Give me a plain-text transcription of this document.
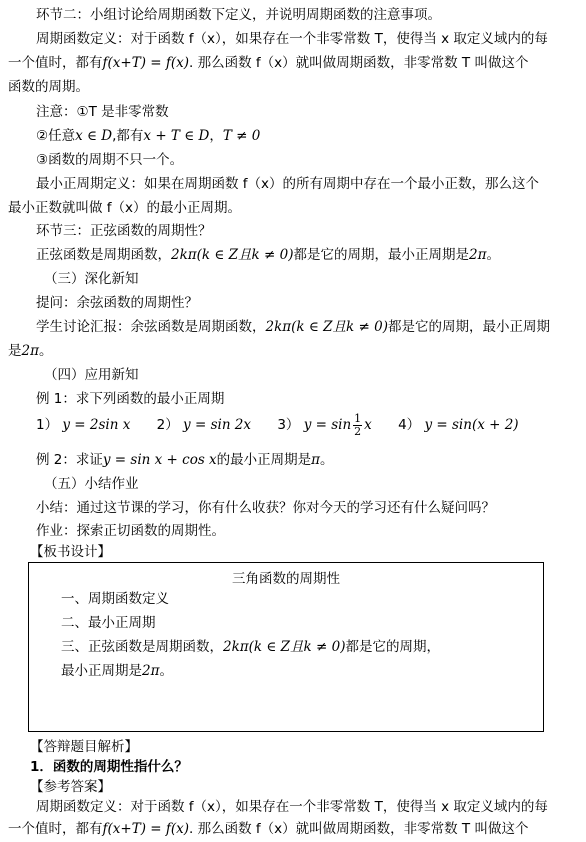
环节二：小组讨论给周期函数下定义，并说明周期函数的注意事项。
周期函数定义：对于函数 f（x），如果存在一个非零常数 T，使得当 x 取定义域内的每
一个值时，都有f(x+T) = f(x). 那么函数 f（x）就叫做周期函数，非零常数 T 叫做这个
函数的周期。
注意：①T 是非零常数
②任意x ∈ D,都有x + T ∈ D，T ≠ 0
③函数的周期不只一个。
最小正周期定义：如果在周期函数 f（x）的所有周期中存在一个最小正数，那么这个
最小正数就叫做 f（x）的最小正周期。
环节三：正弦函数的周期性？
正弦函数是周期函数，2kπ(k ∈ Z且k ≠ 0)都是它的周期，最小正周期是2π。
（三）深化新知
提问：余弦函数的周期性？
学生讨论汇报：余弦函数是周期函数，2kπ(k ∈ Z且k ≠ 0)都是它的周期，最小正周期
是2π。
（四）应用新知
例 1：求下列函数的最小正周期
1） y = 2sin x 2） y = sin 2x 3） $y = \sin \frac{1}{2}$ x 4） y = sin(x + 2)
例 2：求证y = sin x + cos x的最小正周期是π。
（五）小结作业
小结：通过这节课的学习，你有什么收获？你对今天的学习还有什么疑问吗？
作业：探索正切函数的周期性。
【板书设计】
三角函数的周期性
一、周期函数定义
二、最小正周期
三、正弦函数是周期函数，2kπ(k ∈ Z且k ≠ 0)都是它的周期，
最小正周期是2π。
【答辩题目解析】
1．函数的周期性指什么？
【参考答案】
周期函数定义：对于函数 f（x），如果存在一个非零常数 T，使得当 x 取定义域内的每
一个值时，都有f(x+T) = f(x). 那么函数 f（x）就叫做周期函数，非零常数 T 叫做这个
